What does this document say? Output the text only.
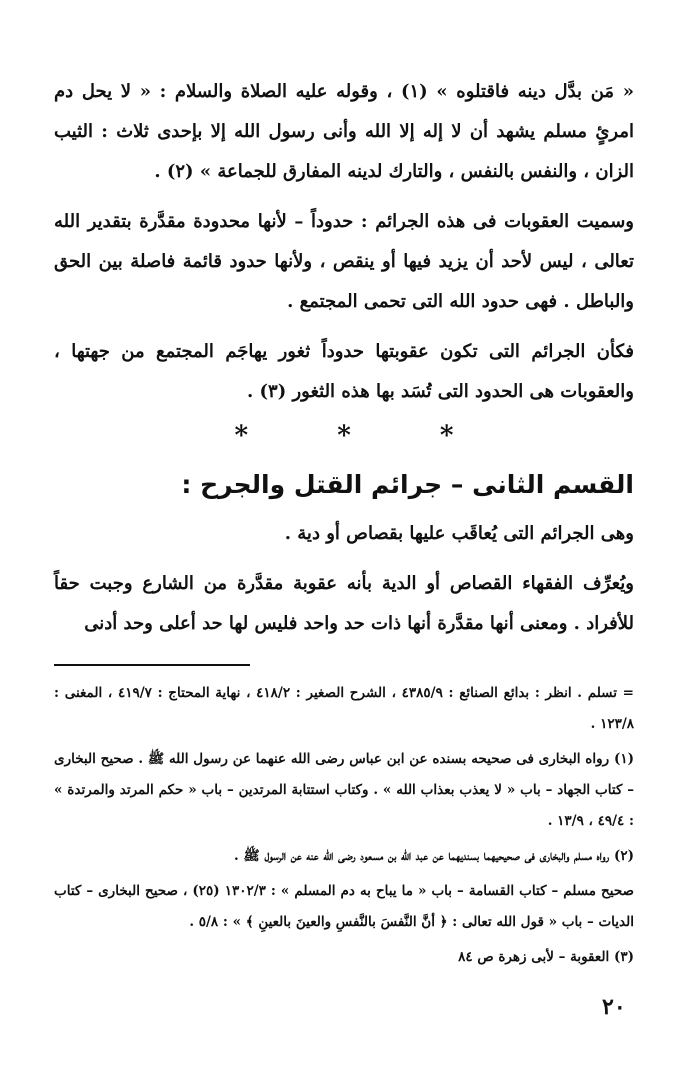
« مَن بدَّل دينه فاقتلوه » (١) ، وقوله عليه الصلاة والسلام : « لا يحل دم امرئٍ مسلم يشهد أن لا إله إلا الله وأنى رسول الله إلا بإحدى ثلاث : الثيب الزان ، والنفس بالنفس ، والتارك لدينه المفارق للجماعة » (٢) .

وسميت العقوبات فى هذه الجرائم : حدوداً – لأنها محدودة مقدَّرة بتقدير الله تعالى ، ليس لأحد أن يزيد فيها أو ينقص ، ولأنها حدود قائمة فاصلة بين الحق والباطل . فهى حدود الله التى تحمى المجتمع .

فكأن الجرائم التى تكون عقوبتها حدوداً ثغور يهاجَم المجتمع من جهتها ، والعقوبات هى الحدود التى تُسَد بها هذه الثغور (٣) .

* * *
القسم الثانى – جرائم القتل والجرح :

وهى الجرائم التى يُعاقَب عليها بقصاص أو دية .

ويُعرِّف الفقهاء القصاص أو الدية بأنه عقوبة مقدَّرة من الشارع وجبت حقاً للأفراد . ومعنى أنها مقدَّرة أنها ذات حد واحد فليس لها حد أعلى وحد أدنى

= تسلم . انظر : بدائع الصنائع : ٤٣٨٥/٩ ، الشرح الصغير : ٤١٨/٢ ، نهاية المحتاج : ٤١٩/٧ ، المغنى : ١٢٣/٨ .

(١) رواه البخارى فى صحيحه بسنده عن ابن عباس رضى الله عنهما عن رسول الله ﷺ . صحيح البخارى – كتاب الجهاد – باب « لا يعذب بعذاب الله » . وكتاب استتابة المرتدين – باب « حكم المرتد والمرتدة » : ٤٩/٤ ، ١٣/٩ .

(٢) رواه مسلم والبخارى فى صحيحيهما بسنديهما عن عبد الله بن مسعود رضى الله عنه عن الرسول ﷺ .

صحيح مسلم – كتاب القسامة – باب « ما يباح به دم المسلم » : ١٣٠٢/٣ (٢٥) ، صحيح البخارى – كتاب الديات – باب « قول الله تعالى : ﴿ أنَّ النَّفسَ بالنَّفسِ والعينَ بالعينِ ﴾ » : ٥/٨ .

(٣) العقوبة – لأبى زهرة ص ٨٤

٢٠
